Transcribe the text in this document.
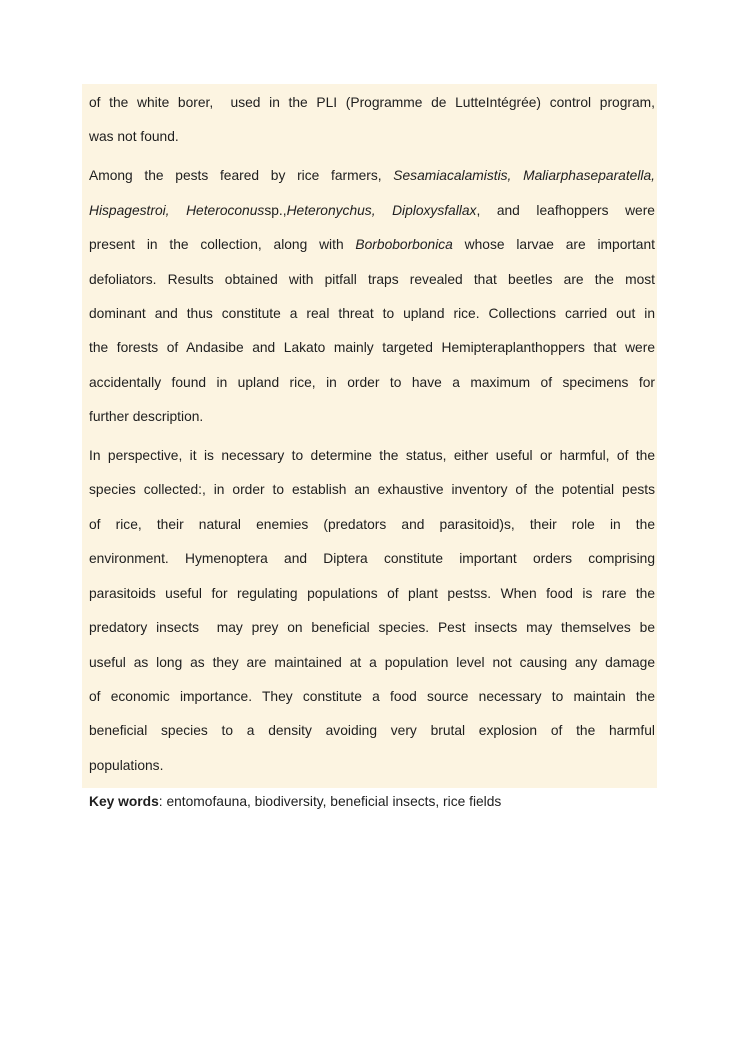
of the white borer,  used in the PLI (Programme de LutteIntégrée) control program,
was not found.
Among the pests feared by rice farmers, Sesamiacalamistis, Maliarphaseparatella,
Hispagestroi, Heteroconussp.,Heteronychus, Diploxysfallax, and leafhoppers were
present in the collection, along with Borboborbonica whose larvae are important
defoliators. Results obtained with pitfall traps revealed that beetles are the most
dominant and thus constitute a real threat to upland rice. Collections carried out in
the forests of Andasibe and Lakato mainly targeted Hemipteraplanthoppers that were
accidentally found in upland rice, in order to have a maximum of specimens for
further description.
In perspective, it is necessary to determine the status, either useful or harmful, of the
species collected:, in order to establish an exhaustive inventory of the potential pests
of rice, their natural enemies (predators and parasitoid)s, their role in the
environment. Hymenoptera and Diptera constitute important orders comprising
parasitoids useful for regulating populations of plant pestss. When food is rare the
predatory insects  may prey on beneficial species. Pest insects may themselves be
useful as long as they are maintained at a population level not causing any damage
of economic importance. They constitute a food source necessary to maintain the
beneficial species to a density avoiding very brutal explosion of the harmful
populations.

Key words: entomofauna, biodiversity, beneficial insects, rice fields
